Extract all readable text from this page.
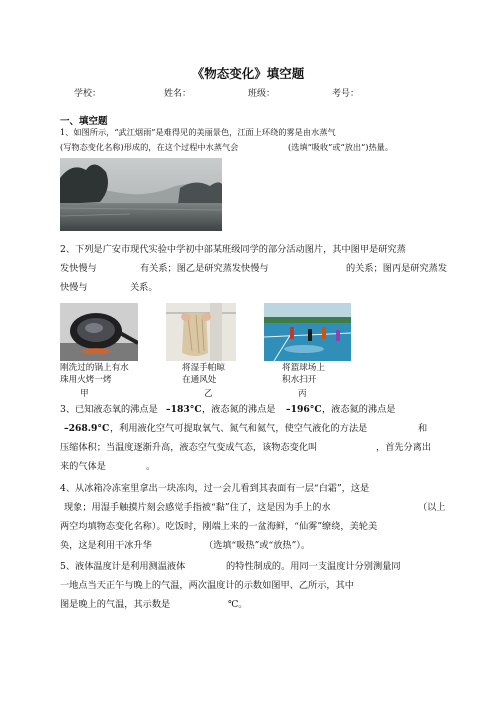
《物态变化》填空题
学校：	姓名：	班级：	考号：
一、填空题
1、如图所示，“武江烟雨”是难得见的美丽景色，江面上环绕的雾是由水蒸气
(写物态变化名称)形成的，在这个过程中水蒸气会	(选填“吸收”或“放出”)热量。
2、下列是广安市现代实验中学初中部某班级同学的部分活动图片，其中图甲是研究蒸
发快慢与	有关系；图乙是研究蒸发快慢与	的关系；图丙是研究蒸发
快慢与	关系。
刚洗过的锅上有水
珠用火烤一烤
甲
将湿手帕晾
在通风处
乙
将篮球场上
积水扫开
丙
3、已知液态氧的沸点是 –183°C ，液态氮的沸点是 –196°C ，液态氦的沸点是
–268.9°C ，利用液化空气可提取氧气、氮气和氦气，使空气液化的方法是	和
压缩体积；当温度逐渐升高，液态空气变成气态，该物态变化叫	，首先分离出
来的气体是	。
4、从冰箱冷冻室里拿出一块冻肉，过一会儿看到其表面有一层“白霜”，这是
现象；用湿手触摸片刻会感觉手指被“黏”住了，这是因为手上的水	（以上
两空均填物态变化名称）。吃饭时，刚端上来的一盆海鲜，“仙雾”缭绕，美轮美
奂，这是利用干冰升华	（选填“吸热”或“放热”）。
5、液体温度计是利用测温液体	的特性制成的。用同一支温度计分别测量同
一地点当天正午与晚上的气温，两次温度计的示数如图甲、乙所示，其中
图是晚上的气温，其示数是	℃。
